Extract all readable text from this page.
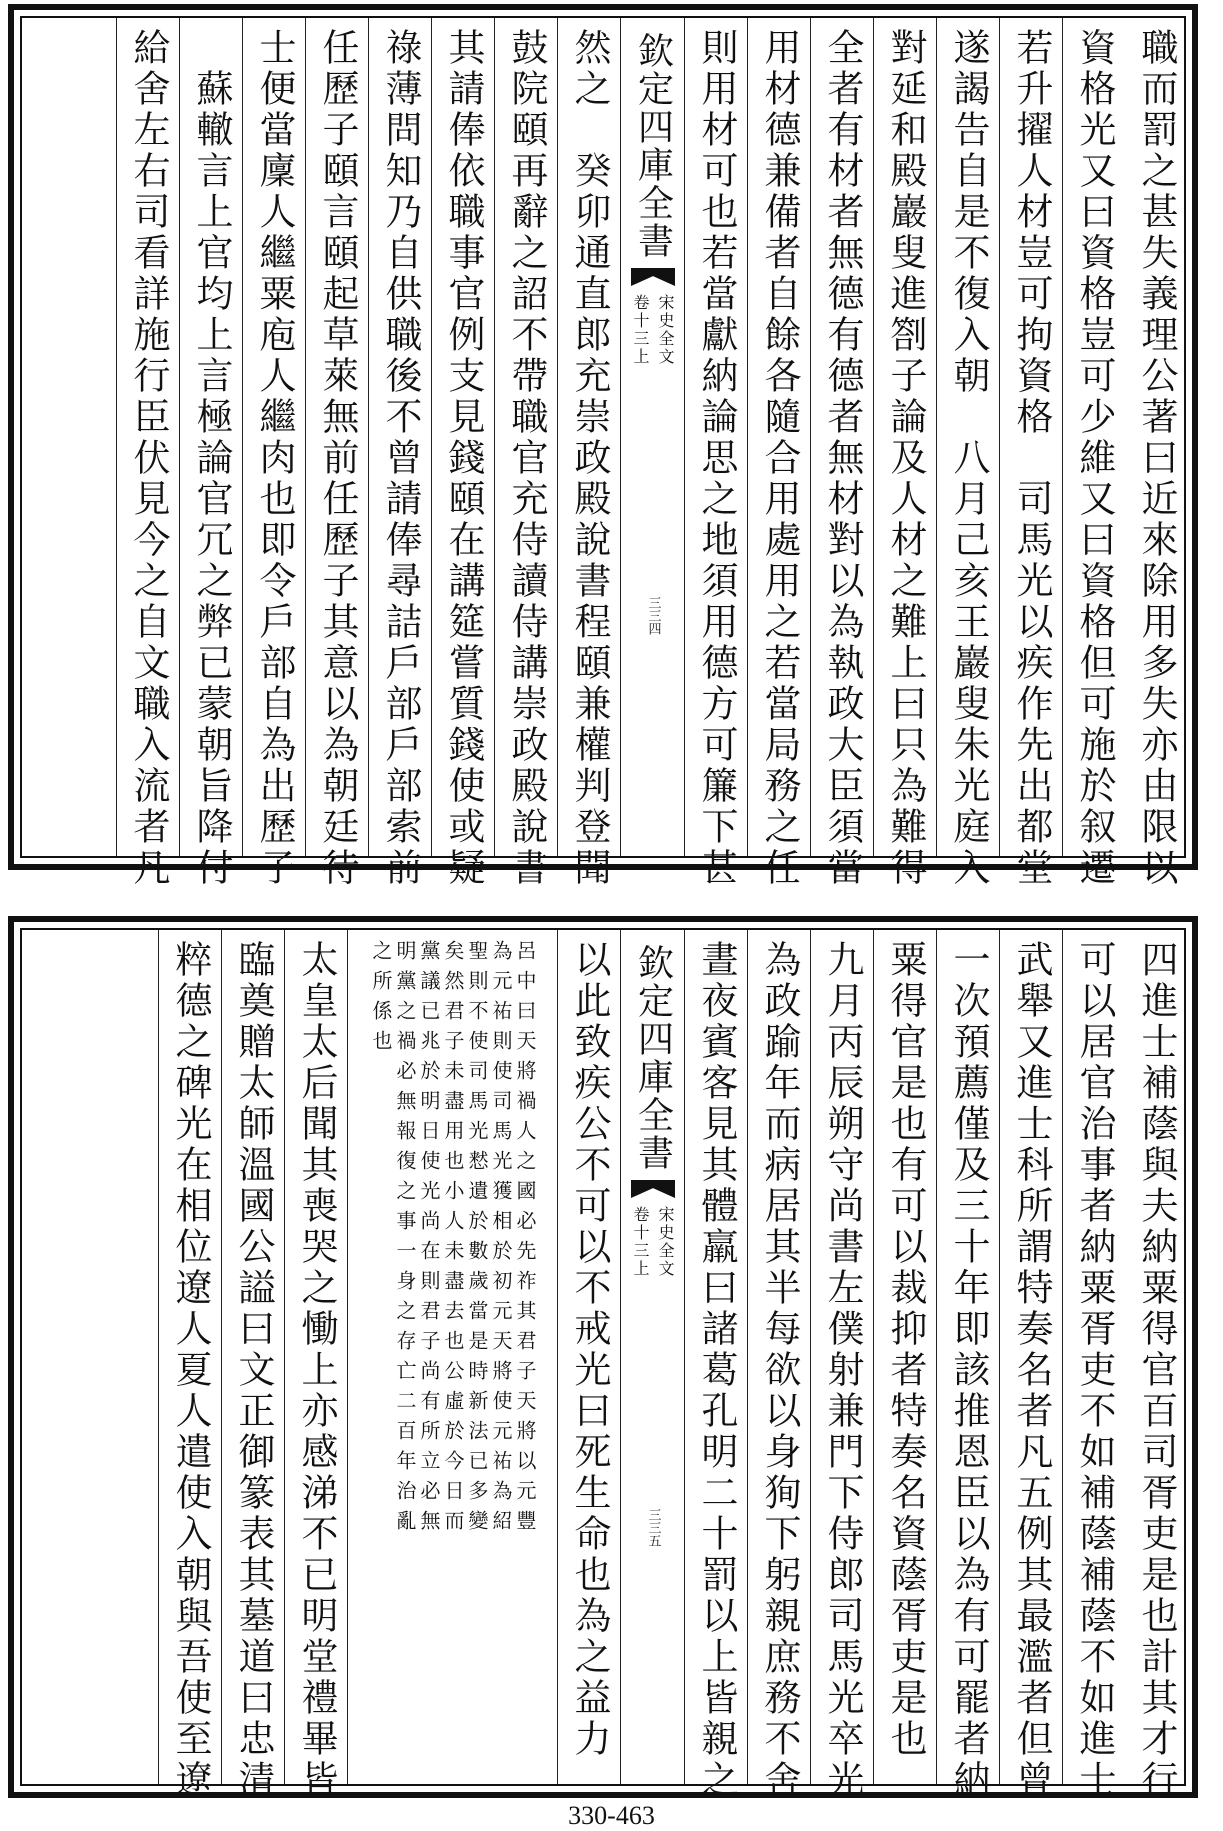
職而罰之甚失義理公著曰近來除用多失亦由限以
資格光又曰資格豈可少維又曰資格但可施於叙遷
若升擢人材豈可拘資格　司馬光以疾作先出都堂
遂謁告自是不復入朝　八月己亥王巖叟朱光庭入
對延和殿巖叟進劄子論及人材之難上曰只為難得
全者有材者無德有德者無材對以為執政大臣須當
用材德兼備者自餘各隨合用處用之若當局務之任
則用材可也若當獻納論思之地須用德方可簾下甚
欽定四庫全書
宋史全文
卷十三上
三三四
然之　癸卯通直郎充崇政殿說書程頤兼權判登聞
鼓院頤再辭之詔不帶職官充侍讀侍講崇政殿說書
其請俸依職事官例支見錢頤在講筵嘗質錢使或疑
祿薄問知乃自供職後不曾請俸尋詰戶部戶部索前
任歷子頤言頤起草萊無前任歷子其意以為朝廷待
士便當廩人繼粟庖人繼肉也即令戶部自為出歷子
　蘇轍言上官均上言極論官冗之弊已蒙朝旨降付
給舍左右司看詳施行臣伏見今之自文職入流者凡
四進士補蔭與夫納粟得官百司胥吏是也計其才行
可以居官治事者納粟胥吏不如補蔭補蔭不如進士
武舉又進士科所謂特奏名者凡五例其最濫者但曾
一次預薦僅及三十年即該推恩臣以為有可罷者納
粟得官是也有可以裁抑者特奏名資蔭胥吏是也
九月丙辰朔守尚書左僕射兼門下侍郎司馬光卒光
為政踰年而病居其半每欲以身狥下躬親庶務不舍
晝夜賓客見其體羸曰諸葛孔明二十罰以上皆親之
欽定四庫全書
宋史全文
卷十三上
三三五
以此致疾公不可以不戒光曰死生命也為之益力
呂中曰天將禍人之國必先祚其君子天將以元豐
為元祐則使司馬光獲相於初元天將使元祐為紹
聖則不使司馬光慭遺於數歲當是時新法已多變
矣然君子未盡用也小人未盡去也公虛於今日而
黨議已兆於明日使光尚在則君子尚有所立必無
明黨之禍必無報復之事一身之存亡二百年治亂
之所係也
太皇太后聞其喪哭之慟上亦感涕不已明堂禮畢皆
臨奠贈太師溫國公謚曰文正御篆表其墓道曰忠清
粹德之碑光在相位遼人夏人遣使入朝與吾使至遼
330-463
